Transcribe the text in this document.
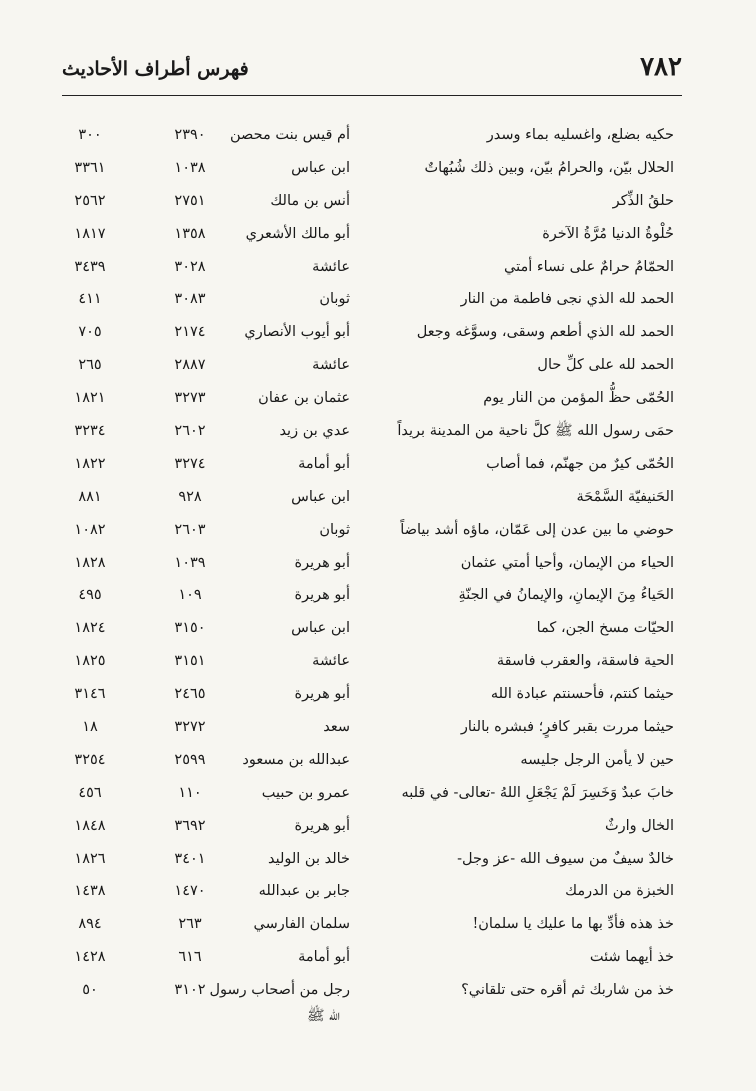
٧٨٢
فهرس أطراف الأحاديث
حكيه بضلع، واغسليه بماء وسدر
أم قيس بنت محصن
٢٣٩٠
٣٠٠
الحلال بيّن، والحرامُ بيّن، وبين ذلك شُبُهاتٌ
ابن عباس
١٠٣٨
٣٣٦١
حلقُ الذِّكر
أنس بن مالك
٢٧٥١
٢٥٦٢
حُلْوةُ الدنيا مُرَّةُ الآخرة
أبو مالك الأشعري
١٣٥٨
١٨١٧
الحمّامُ حرامٌ على نساء أمتي
عائشة
٣٠٢٨
٣٤٣٩
الحمد لله الذي نجى فاطمة من النار
ثوبان
٣٠٨٣
٤١١
الحمد لله الذي أطعم وسقى، وسوَّغه وجعل
أبو أيوب الأنصاري
٢١٧٤
٧٠٥
الحمد لله على كلِّ حال
عائشة
٢٨٨٧
٢٦٥
الحُمّى حظُّ المؤمن من النار يوم
عثمان بن عفان
٣٢٧٣
١٨٢١
حمَى رسول الله ﷺ كلَّ ناحية من المدينة بريداً
عدي بن زيد
٢٦٠٢
٣٢٣٤
الحُمّى كيرٌ من جهنّم، فما أصاب
أبو أمامة
٣٢٧٤
١٨٢٢
الحَنيفيّة السَّمْحَة
ابن عباس
٩٢٨
٨٨١
حوضي ما بين عدن إلى عَمّان، ماؤه أشد بياضاً
ثوبان
٢٦٠٣
١٠٨٢
الحياء من الإيمان، وأحيا أمتي عثمان
أبو هريرة
١٠٣٩
١٨٢٨
الحَياءُ مِنَ الإيمانِ، والإيمانُ في الجنّةِ
أبو هريرة
١٠٩
٤٩٥
الحيّات مسخ الجن، كما
ابن عباس
٣١٥٠
١٨٢٤
الحية فاسقة، والعقرب فاسقة
عائشة
٣١٥١
١٨٢٥
حيثما كنتم، فأحسنتم عبادة الله
أبو هريرة
٢٤٦٥
٣١٤٦
حيثما مررت بقبر كافرٍ؛ فبشره بالنار
سعد
٣٢٧٢
١٨
حين لا يأمن الرجل جليسه
عبدالله بن مسعود
٢٥٩٩
٣٢٥٤
خابَ عبدٌ وَخَسِرَ لَمْ يَجْعَلِ اللهُ -تعالى- في قلبه
عمرو بن حبيب
١١٠
٤٥٦
الخال وارثٌ
أبو هريرة
٣٦٩٢
١٨٤٨
خالدٌ سيفٌ من سيوف الله -عز وجل-
خالد بن الوليد
٣٤٠١
١٨٢٦
الخبزة من الدرمك
جابر بن عبدالله
١٤٧٠
١٤٣٨
خذ هذه فأدِّ بها ما عليك يا سلمان!
سلمان الفارسي
٢٦٣
٨٩٤
خذ أيهما شئت
أبو أمامة
٦١٦
١٤٢٨
خذ من شاربك ثم أقره حتى تلقاني؟
رجل من أصحاب رسول
٣١٠٢
٥٠
الله ﷺ
